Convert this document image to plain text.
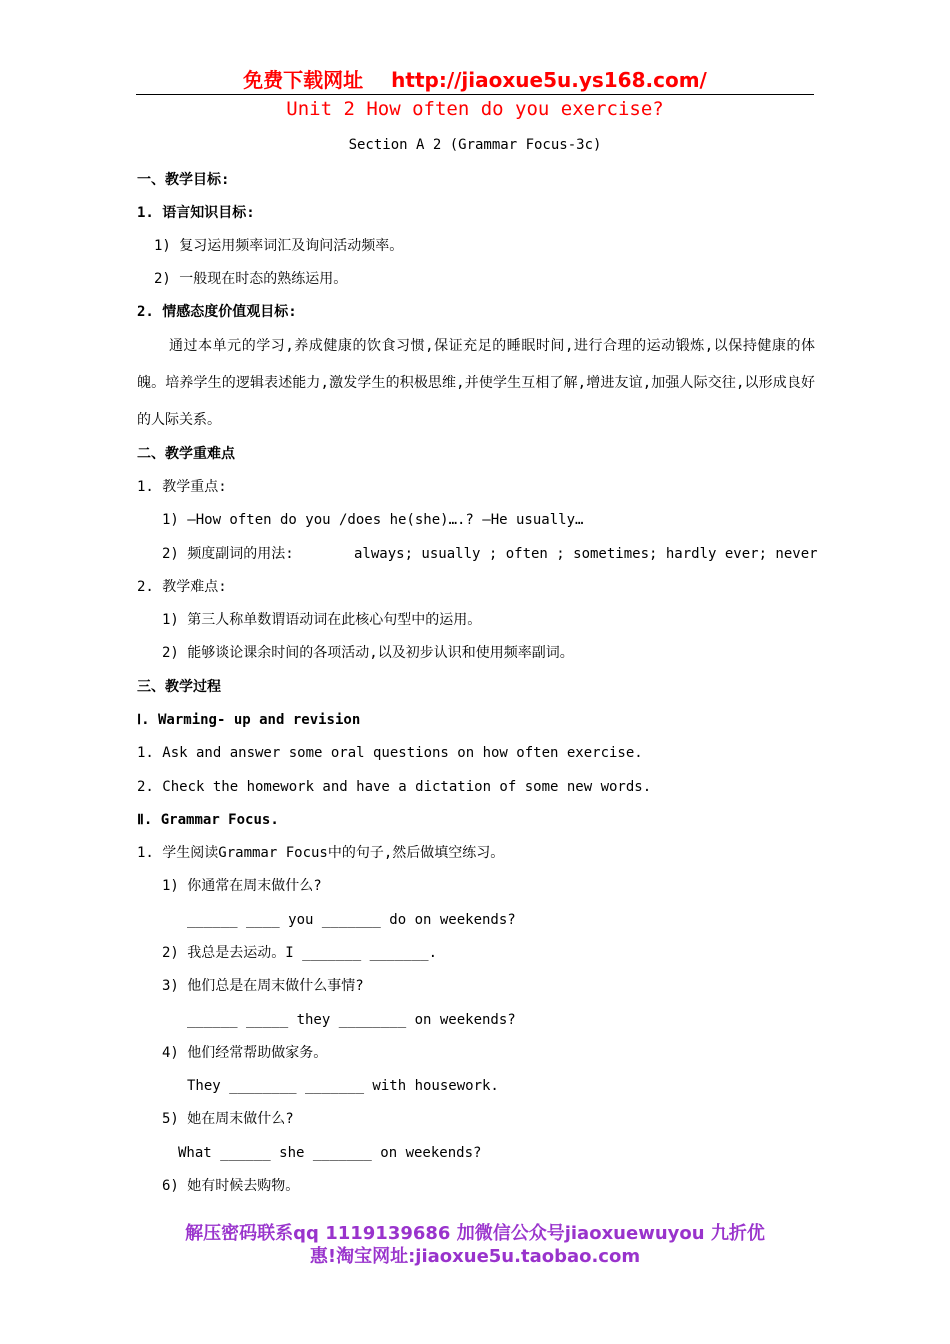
免费下载网址 http://jiaoxue5u.ys168.com/
Unit 2 How often do you exercise?
Section A 2 (Grammar Focus-3c)
一、教学目标:
1. 语言知识目标:
1) 复习运用频率词汇及询问活动频率。
2) 一般现在时态的熟练运用。
2. 情感态度价值观目标:
通过本单元的学习,养成健康的饮食习惯,保证充足的睡眠时间,进行合理的运动锻炼,以保持健康的体魄。培养学生的逻辑表述能力,激发学生的积极思维,并使学生互相了解,增进友谊,加强人际交往,以形成良好的人际关系。
二、教学重难点
1. 教学重点:
1) —How often do you /does he(she)….? —He usually…
2) 频度副词的用法:	always; usually ; often ; sometimes; hardly ever; never
2. 教学难点:
1) 第三人称单数谓语动词在此核心句型中的运用。
2) 能够谈论课余时间的各项活动,以及初步认识和使用频率副词。
三、教学过程
Ⅰ. Warming- up and revision
1. Ask and answer some oral questions on how often exercise.
2. Check the homework and have a dictation of some new words.
Ⅱ. Grammar Focus.
1. 学生阅读Grammar Focus中的句子,然后做填空练习。
1) 你通常在周末做什么?
______ ____ you _______ do on weekends?
2) 我总是去运动。I _______ _______.
3) 他们总是在周末做什么事情?
______ _____ they ________ on weekends?
4) 他们经常帮助做家务。
They ________ _______ with housework.
5) 她在周末做什么?
What ______ she _______ on weekends?
6) 她有时候去购物。
解压密码联系qq 1119139686 加微信公众号jiaoxuewuyou 九折优
惠!淘宝网址:jiaoxue5u.taobao.com
